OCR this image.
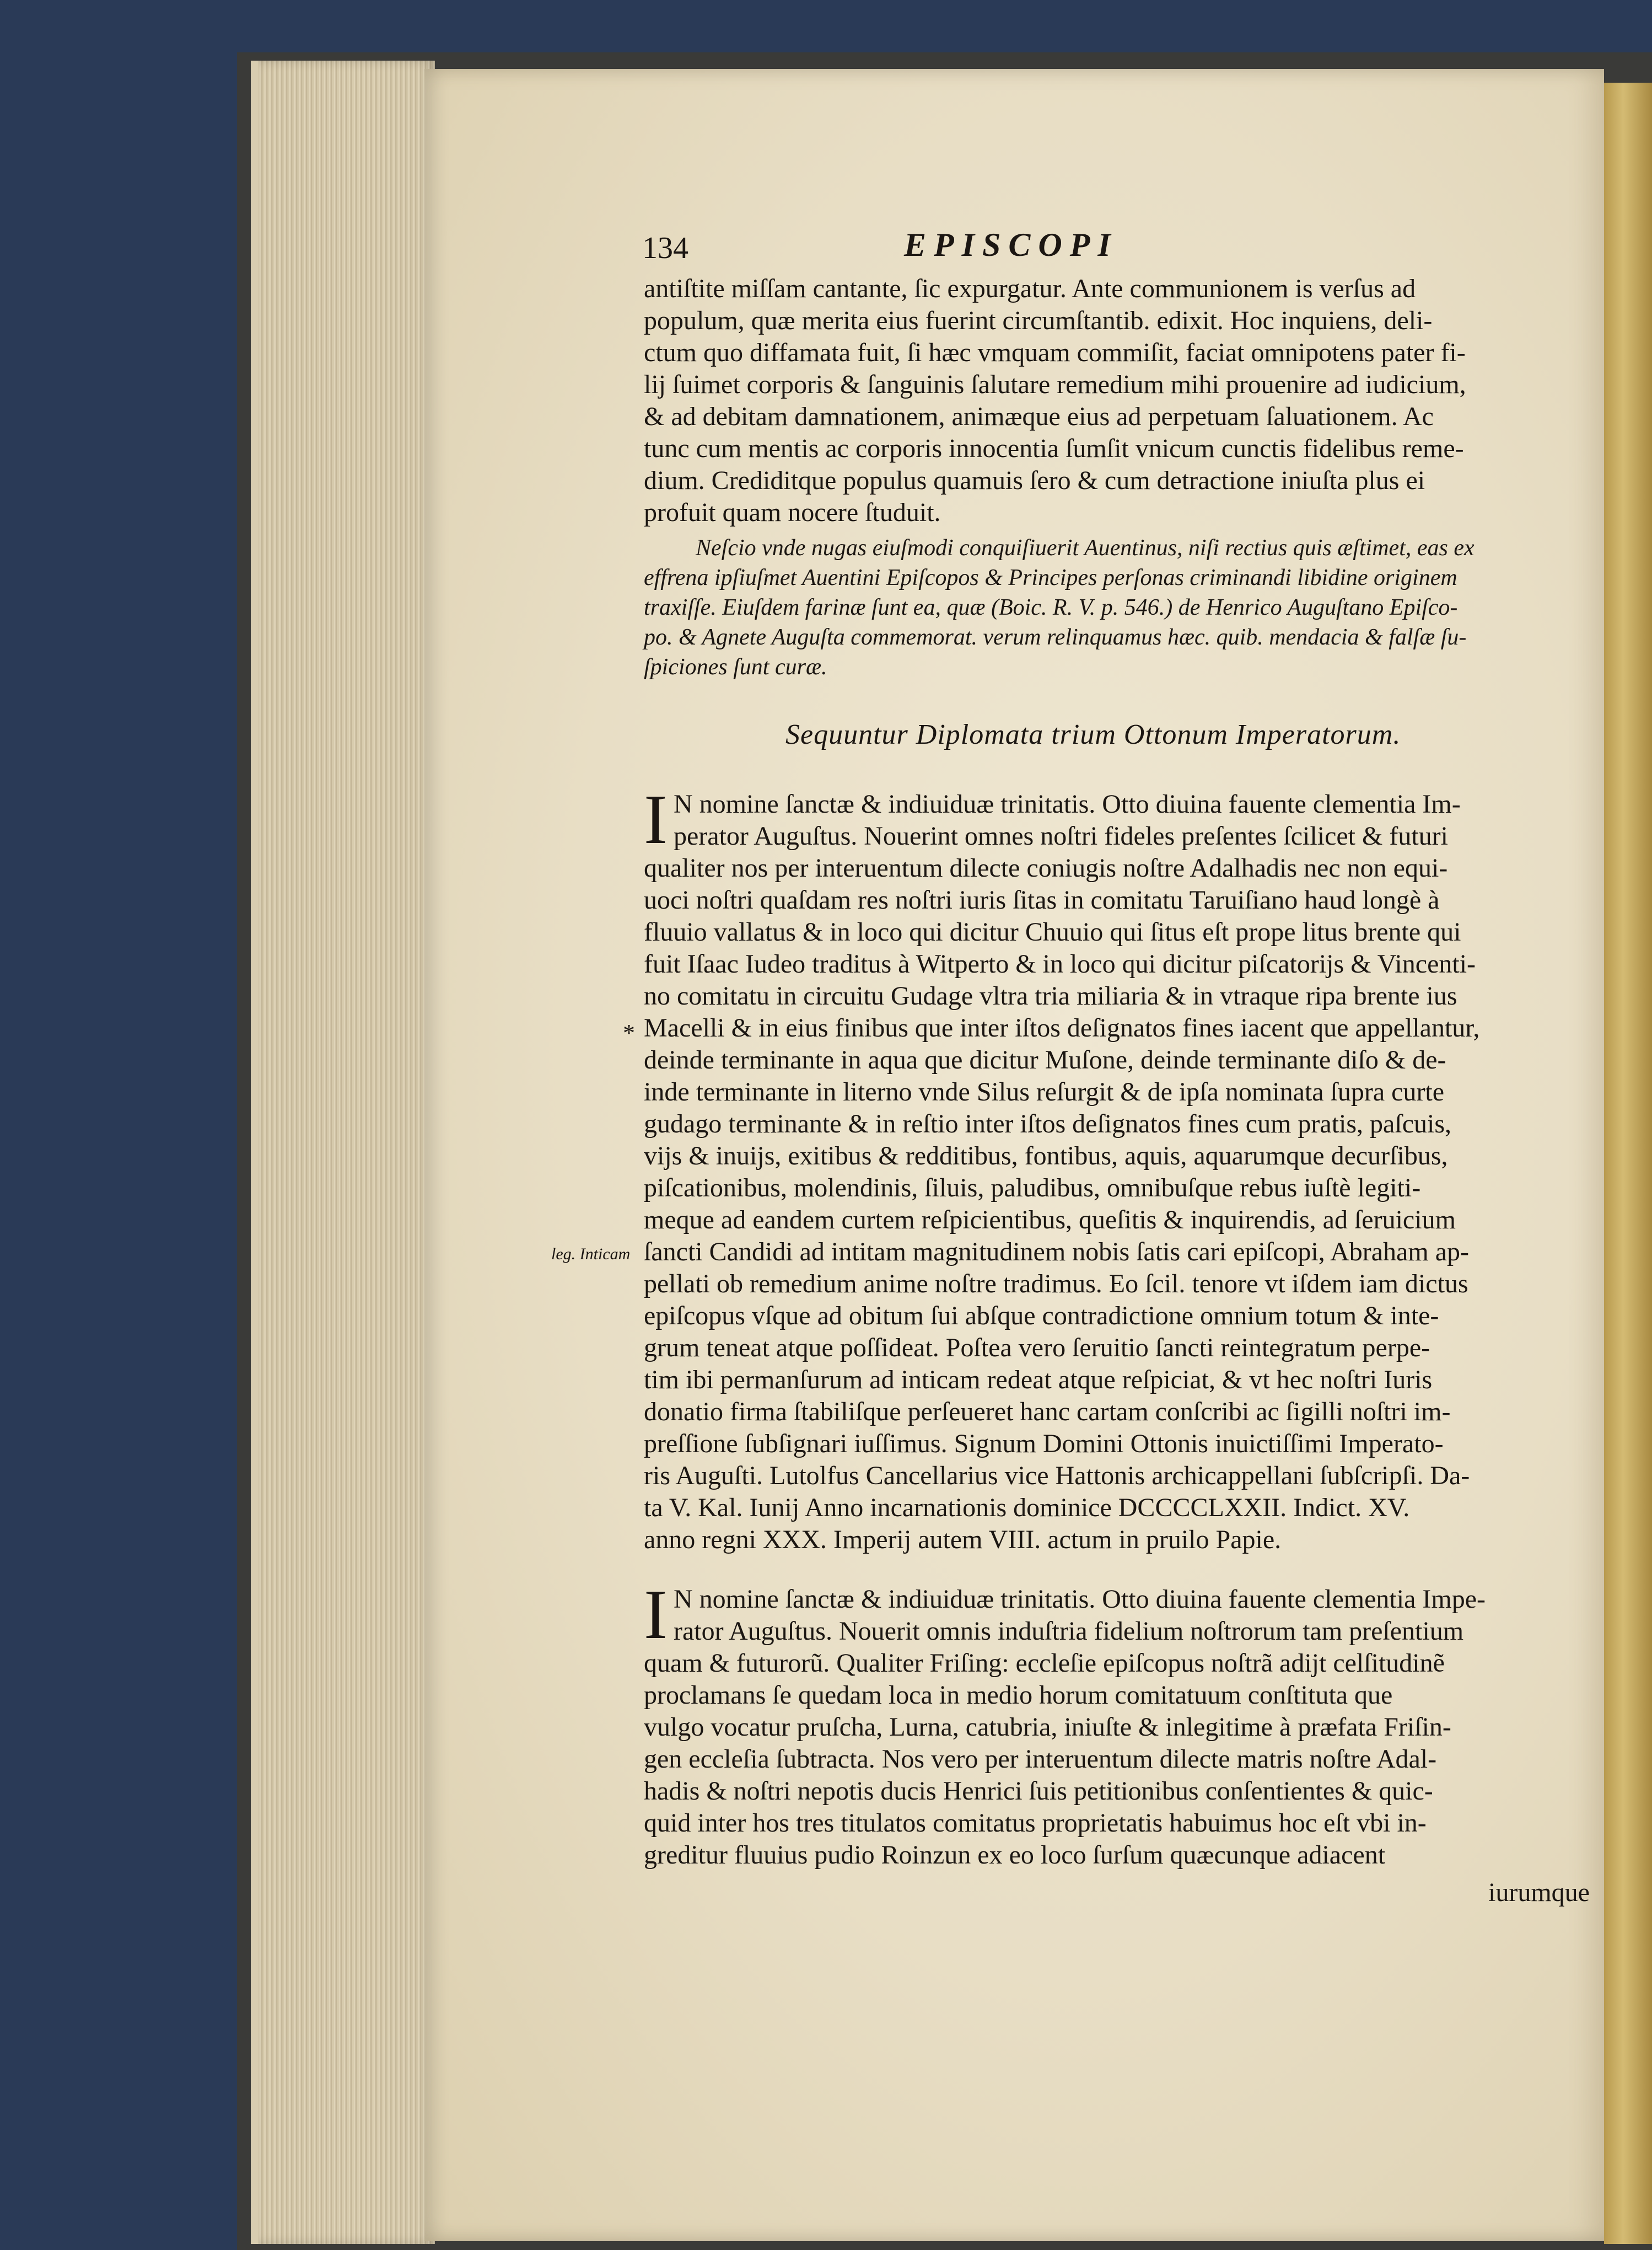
134	EPISCOPI
antiſtite miſſam cantante, ſic expurgatur. Ante communionem is verſus ad
populum, quæ merita eius fuerint circumſtantib. edixit. Hoc inquiens, deli-
ctum quo diffamata fuit, ſi hæc vmquam commiſit, faciat omnipotens pater fi-
lij ſuimet corporis & ſanguinis ſalutare remedium mihi prouenire ad iudicium,
& ad debitam damnationem, animæque eius ad perpetuam ſaluationem. Ac
tunc cum mentis ac corporis innocentia ſumſit vnicum cunctis fidelibus reme-
dium. Crediditque populus quamuis ſero & cum detractione iniuſta plus ei
profuit quam nocere ſtuduit.
Neſcio vnde nugas eiuſmodi conquiſiuerit Auentinus, niſi rectius quis æſtimet, eas ex
effrena ipſiuſmet Auentini Epiſcopos & Principes perſonas criminandi libidine originem
traxiſſe. Eiuſdem farinæ ſunt ea, quæ (Boic. R. V. p. 546.) de Henrico Auguſtano Epiſco-
po. & Agnete Auguſta commemorat. verum relinquamus hæc. quib. mendacia & falſæ ſu-
ſpiciones ſunt curæ.
Sequuntur Diplomata trium Ottonum Imperatorum.
I N nomine ſanctæ & indiuiduæ trinitatis. Otto diuina fauente clementia Im-
perator Auguſtus. Nouerint omnes noſtri fideles preſentes ſcilicet & futuri
qualiter nos per interuentum dilecte coniugis noſtre Adalhadis nec non equi-
uoci noſtri quaſdam res noſtri iuris ſitas in comitatu Taruiſiano haud longè à
fluuio vallatus & in loco qui dicitur Chuuio qui ſitus eſt prope litus brente qui
fuit Iſaac Iudeo traditus à Witperto & in loco qui dicitur piſcatorijs & Vincenti-
no comitatu in circuitu Gudage vltra tria miliaria & in vtraque ripa brente ius
Macelli & in eius finibus que inter iſtos deſignatos fines iacent que appellantur,
deinde terminante in aqua que dicitur Muſone, deinde terminante diſo & de-
inde terminante in literno vnde Silus reſurgit & de ipſa nominata ſupra curte
gudago terminante & in reſtio inter iſtos deſignatos fines cum pratis, paſcuis,
vijs & inuijs, exitibus & redditibus, fontibus, aquis, aquarumque decurſibus,
piſcationibus, molendinis, ſiluis, paludibus, omnibuſque rebus iuſtè legiti-
meque ad eandem curtem reſpicientibus, queſitis & inquirendis, ad ſeruicium
ſancti Candidi ad intitam magnitudinem nobis ſatis cari epiſcopi, Abraham ap-
pellati ob remedium anime noſtre tradimus. Eo ſcil. tenore vt iſdem iam dictus
epiſcopus vſque ad obitum ſui abſque contradictione omnium totum & inte-
grum teneat atque poſſideat. Poſtea vero ſeruitio ſancti reintegratum perpe-
tim ibi permanſurum ad inticam redeat atque reſpiciat, & vt hec noſtri Iuris
donatio firma ſtabiliſque perſeueret hanc cartam conſcribi ac ſigilli noſtri im-
preſſione ſubſignari iuſſimus. Signum Domini Ottonis inuictiſſimi Imperato-
ris Auguſti. Lutolfus Cancellarius vice Hattonis archicappellani ſubſcripſi. Da-
ta V. Kal. Iunij Anno incarnationis dominice DCCCCLXXII. Indict. XV.
anno regni XXX. Imperij autem VIII. actum in pruilo Papie.
*
leg. Inticam
I N nomine ſanctæ & indiuiduæ trinitatis. Otto diuina fauente clementia Impe-
rator Auguſtus. Nouerit omnis induſtria fidelium noſtrorum tam preſentium
quam & futurorũ. Qualiter Friſing: eccleſie epiſcopus noſtrã adijt celſitudinẽ
proclamans ſe quedam loca in medio horum comitatuum conſtituta que
vulgo vocatur pruſcha, Lurna, catubria, iniuſte & inlegitime à præfata Friſin-
gen eccleſia ſubtracta. Nos vero per interuentum dilecte matris noſtre Adal-
hadis & noſtri nepotis ducis Henrici ſuis petitionibus conſentientes & quic-
quid inter hos tres titulatos comitatus proprietatis habuimus hoc eſt vbi in-
greditur fluuius pudio Roinzun ex eo loco ſurſum quæcunque adiacent
iurumque
